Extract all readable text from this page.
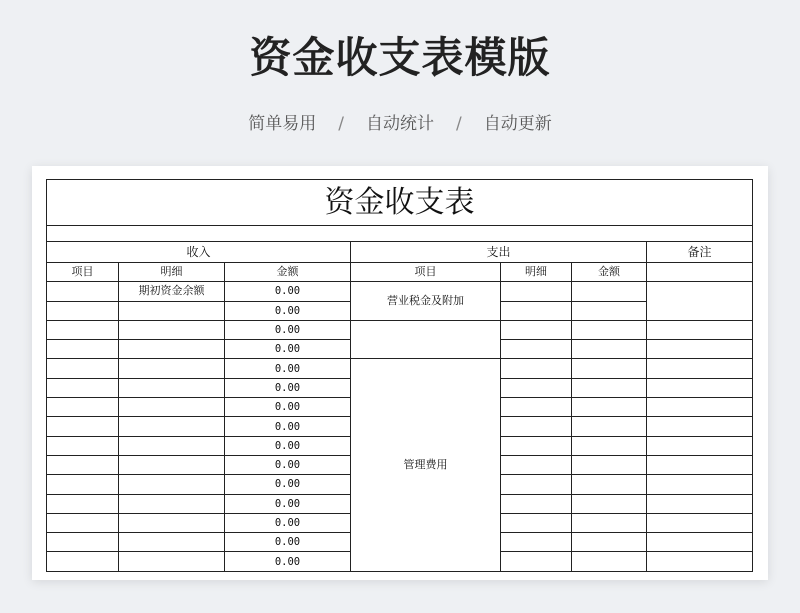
资金收支表模版
简单易用 / 自动统计 / 自动更新
资金收支表						

收入			支出			备注
项目	明细	金额	项目	明细	金额	
	期初资金余额	0.00	营业税金及附加			
		0.00				
		0.00				
		0.00				
		0.00	管理费用			
		0.00				
		0.00				
		0.00				
		0.00				
		0.00				
		0.00				
		0.00				
		0.00				
		0.00				
		0.00				
